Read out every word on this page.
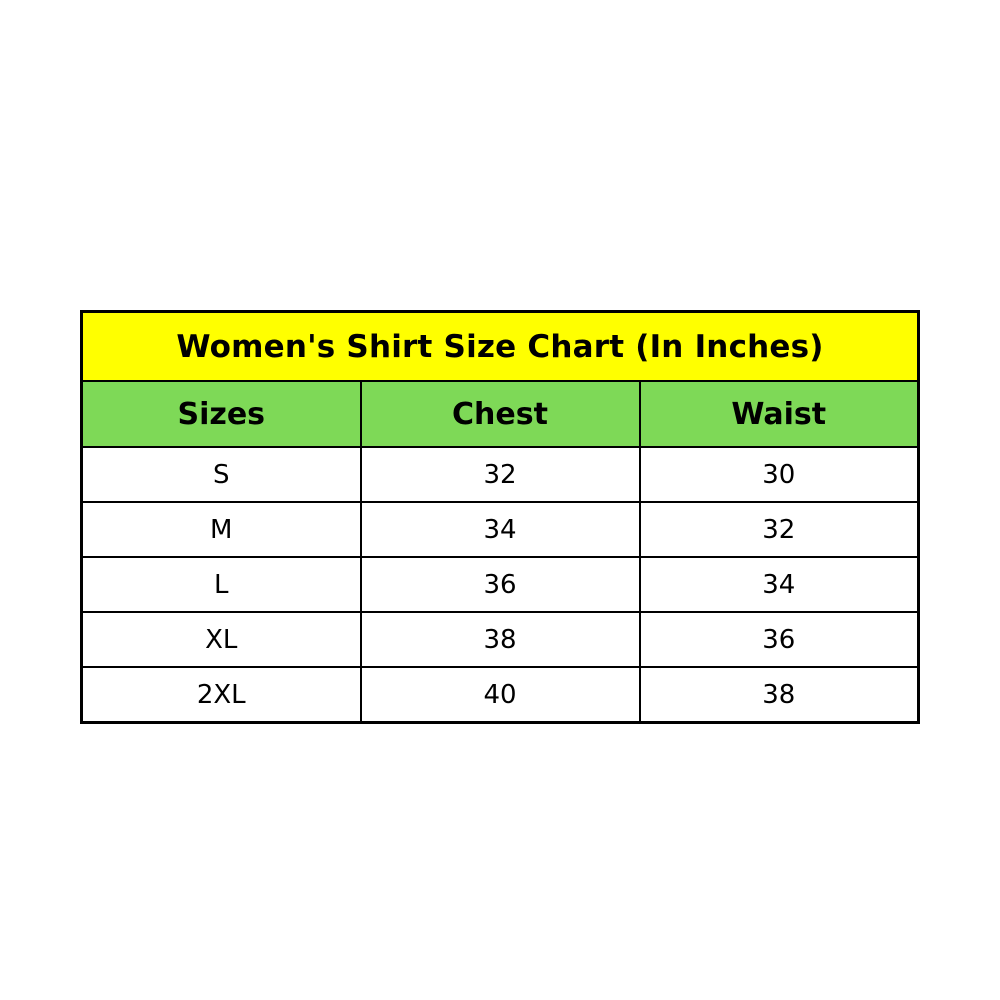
Women's Shirt Size Chart (In Inches)		
Sizes	Chest	Waist
S	32	30
M	34	32
L	36	34
XL	38	36
2XL	40	38
